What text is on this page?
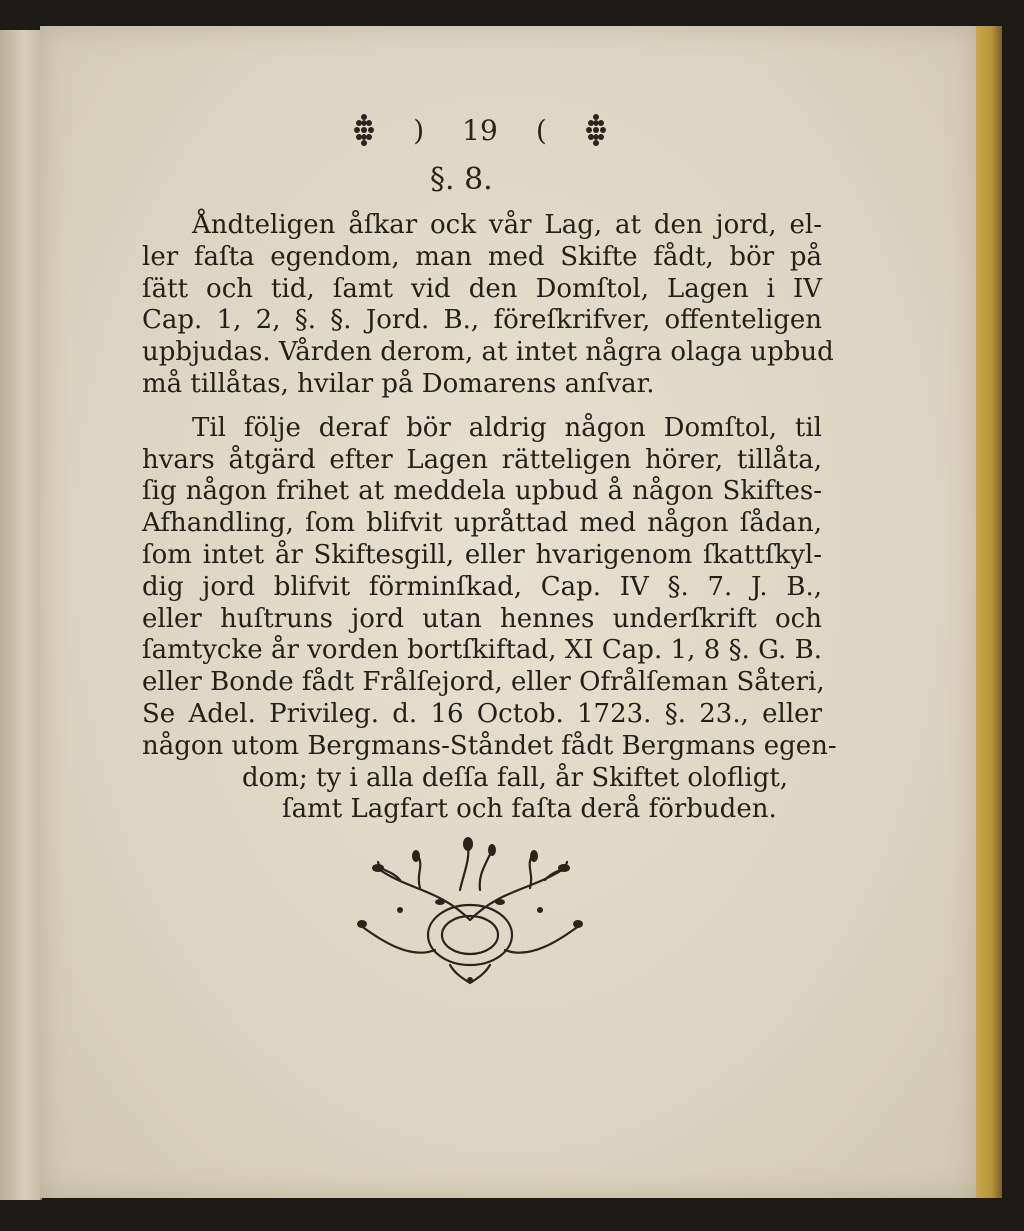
) 19 (
§. 8.

Åndteligen åſkar ock vår Lag, at den jord, el-
ler faſta egendom, man med Skifte fådt, bör på
ſätt och tid, ſamt vid den Domſtol, Lagen i IV
Cap. 1, 2, §. §. Jord. B., föreſkrifver, offenteligen
upbjudas. Vården derom, at intet några olaga upbud
må tillåtas, hvilar på Domarens anſvar.

Til följe deraf bör aldrig någon Domſtol, til
hvars åtgärd efter Lagen rätteligen hörer, tillåta,
ſig någon frihet at meddela upbud å någon Skiftes-
Afhandling, ſom blifvit upråttad med någon ſådan,
ſom intet år Skiftesgill, eller hvarigenom ſkattſkyl-
dig jord blifvit förminſkad, Cap. IV §. 7. J. B.,
eller huſtruns jord utan hennes underſkrift och
ſamtycke år vorden bortſkiftad, XI Cap. 1, 8 §. G. B.
eller Bonde fådt Frålſejord, eller Ofrålſeman Såteri,
Se Adel. Privileg. d. 16 Octob. 1723. §. 23., eller
någon utom Bergmans-Ståndet fådt Bergmans egen-
dom; ty i alla deſſa fall, år Skiftet olofligt,
ſamt Lagfart och faſta derå förbuden.
